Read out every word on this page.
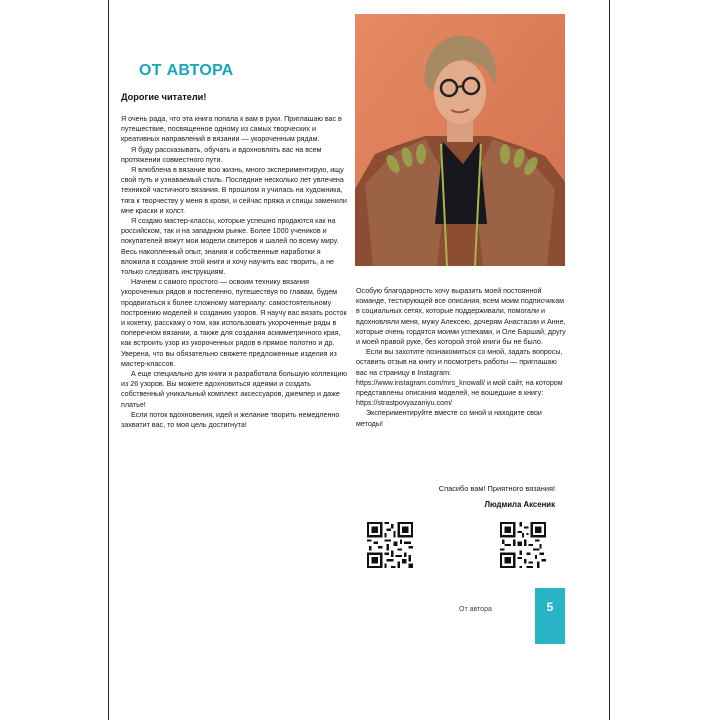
ОТ АВТОРА
Дорогие читатели!

Я очень рада, что эта книга попала к вам в руки. Приглашаю вас в путешествие, посвященное одному из самых творческих и креативных направлений в вязании — укороченным рядам.

Я буду рассказывать, обучать и вдохновлять вас на всем протяжении совместного пути.

Я влюблена в вязание всю жизнь, много экспериментирую, ищу свой путь и узнаваемый стиль. Последние несколько лет увлечена техникой частичного вязания. В прошлом я училась на художника, тяга к творчеству у меня в крови, и сейчас пряжа и спицы заменили мне краски и холст.

Я создаю мастер-классы, которые успешно продаются как на российском, так и на западном рынке. Более 1000 учеников и покупателей вяжут мои модели свитеров и шалей по всему миру. Весь накопленный опыт, знания и собственные наработки я вложила в создание этой книги и хочу научить вас творить, а не только следовать инструкциям.

Начнем с самого простого — освоим технику вязания укороченных рядов и постепенно, путешествуя по главам, будем продвигаться к более сложному материалу: самостоятельному построению моделей и созданию узоров. Я научу вас вязать росток и кокетку, расскажу о том, как использовать укороченные ряды в поперечном вязании, а также для создания асимметричного края, как встроить узор из укороченных рядов в прямое полотно и др. Уверена, что вы обязательно свяжете предложенные изделия из мастер-классов.

А еще специально для книги я разработала большую коллекцию из 26 узоров. Вы можете вдохновиться идеями и создать собственный уникальный комплект аксессуаров, джемпер и даже платье!

Если поток вдохновения, идей и желание творить немедленно захватит вас, то моя цель достигнута!

Особую благодарность хочу выразить моей постоянной команде, тестирующей все описания, всем моим подписчикам в социальных сетях, которые поддерживали, помогали и вдохновляли меня, мужу Алексею, дочерям Анастасии и Анне, которые очень гордятся моими успехами, и Оле Баршай, другу и моей правой руке, без которой этой книги бы не было.

Если вы захотите познакомиться со мной, задать вопросы, оставить отзыв на книгу и посмотреть работы — приглашаю вас на страницу в Instagram: https://www.instagram.com/mrs_knowall/ и мой сайт, на котором представлены описания моделей, не вошедшие в книгу: https://strastpovyazaniyu.com/

Экспериментируйте вместе со мной и находите свои методы!

Спасибо вам! Приятного вязания!
Людмила Аксеник
От автора	5
